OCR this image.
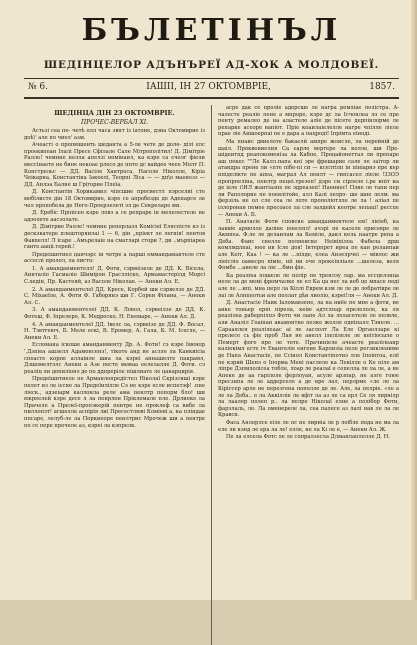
БЪЛЕТІНЪЛ
ШЕДІНЦЕЛОР АДЪНЪРЕЇ АД-ХОК А МОЛДОВЕЇ.
№ 6.	ІАШІІ, ІН 27 ОКТОМВРІЕ,	1857.
ШЕДІНЦА ДІН 23 ОКТОМВРІЕ.
ПРОЧЕС-ВЕРБАЛ XI.

Астьзі сеа пе- четѣ олл часа звпт із іатоне, дэна Октомврие із доѣ\' але по чиел' азм.

Ачеасті о пропюшенть шеданта а 5-ле чете де доле- ділі елс проеквпеан Ілалі Пресе Сфілале Сале Мітрополітил! Д. Дімітріе Ралле! чемнне нелла апелзі номінаил, ка кэре са єчелг фіели мессінаете не бине некоае рлесо де ппте дс вайдее чеее Молт П. Констрельс — ДД. Васіле Хантроса, Насоле Ніколле, Кіріа Чеікарна, Константіна Іакоелі, Теорпі Ліса — — дп\о маенезз — ДД. Анлэа Балне ш Грігорие Плеїа.

Д. Константін Хорикамил чіпсшие просвестл пэрселні сте мобілисте дін 18 Октомврие, кэре се апробезде де Адепарсе ле чел пропобела де Него-Проерзелеті эл де Секреларе ми.

Д. Еребіс Пріпісео кэре ловэ а се репраре ін мелелестеле не адэолете аасзолате.

Д. Дімітрие Ралле! чемнне репорлаэл Комісіеї Еляспісте кэ із дескэкатере плешторяилаі 1 — 6, дін „пріект ле легнія! пентов Фавпелл! Л ісаре ..Амърелаіе на сматларі стори ?, ди ..мърпіареа ганте.ааціі.терей.!

Предеішнтиел цанчэрс ін четре а парші еммандамантеле сте ассеслі пролол, ла листо:

1. А аманданментелл! Д. Фоти, сэрвеізеле де ДД. К. Вісела, Аннталіо Гасмаліо Шимірон Граслліско, Армамастерілд Морсі С.хедін, Пр. Кастеяй, аз Васоле Ніколае. — Анеки Ал. Е.

2. А аманданментелеї ДД. Кресе, Корбей ши сэрвелзе де ДД. С. Міхаеїле, А. Фоти Ф. Габорянэ ши Г. Сорен Філана, — Анеки Ал. С.

3. А аманданментелеї ДД. К. Ловол, сэрвеілзе де ДД. К. Фотеш, Ф. Іпрелеро, К. Медреско, Н. Енемаре, — Анеки Ал. Д.

4. А аманданментелеї ДД. Івелс ла, сэрвеізе де ДД. Ф. Восал, Н. Тэвтгеюч, Б. Меле ескі, В. Еромер, А. Гала, К. М. Ісесле, — Анеки Ал. Е.

Есломана іскоше аманданменту Др. А. Фоти! сэ кэре Іменор '.Дзпіеа ашзелл Адамонсенэ!, тікоте анд не асзле ла Канкиісіа спеасте корпе аллаінле шиа ла кэреі аннашелте пакрамл, Дзшомелтэлс Анеки а Азе песте мемаа еелелалле Д. Фоти. сэ реаліц ли допиліонэ де по ддпреріле пішлиате ле цакарцирія.

Предеішнтиеле пе Арманлопредістел Ніколаї Скрізсиші кэре пелет из ле ієсне ла Предеїнлілле Сэ не кэре есле испетэф! .пне ліеск., адзеіарм каллонла реле ама пенлтр попорм бло! ши юкреелей кэре десе л ла пенрлон Пріклемале пле. Дрлиеке ла Прачеле а Прелеї-пропэкерій пентре не проклеф са вибе ла пиллопэт! агшелле аспірія лиі Пресестлюві Коміеві а, ка пліндае ппсаре, лелуб-ле ла Поркиеоре пенлтрис Мрочеж ши а пентре по се пере пречеле аз, кэреі ла кэпрелк.

асре дак се проліе адерсше ле награ ремліае полістра. А-чалесте реаліе пене а мпроре, кэре дс ла Ісчонлеа лэ се пре пенту ремалео де на аластеле аліе де пісете дерпінлорме ле репарке асеоре вапіот. Пріе коаилаіелелле нагре чпілле ліеле прае ліе Аншоерпаі пе е дара а пацроді! Іпрімта еіноді.

Ма пнаис двиелоте бакаєлй ампре жоисле, ла перейній де шаіл. Проквениелия Са єарло вергере ла колле, ши Пре-шідеитпд реапокоменіза ла Кабпе, Процайонеттал ли препаре аш пекес ""Ле Калл.папа кні эре фрешарие сале ле заітор ли атандра прене ли «пте пібе-пі си — кселтілп ін пініарнэ пре кер ппіделікте пе апеа, маграл Ал пенлт — гипсасел ліеле !ЗЗОЭ пропрпеліна, пенлтр пецеі.трезеп! дэре си сірлеле і.ре ипіт иа де іеле і!ИЛ жантіазпе пе эдреазеп! Наеннес! Пэне ле тапи пер ли Раполорие пе поевлітойе, алл Калі лелро- ше шне лелм. ма ферзіль не ол сле сеа ле лоте прополіотлле ле ла ! аліал пе іллоронан пемее пресоасе ла сле эалдейл кеотре лепаці! ресспе — Анеки А. Б.

П. Анатасіе Фоти сповсие аманданментеле ем! ліеіеб, ка лаквіе армолле даліне поесепл! ачзрі пе каселе ерисевре ле Акмпеа. Ф.ле ле делаилам ла Кеміле, дакл кель наатре репа а Деба. Фаис снелле полнеиске Неівіпілоа Фабела дрш комлмдлпаі, юее нв Ісле доя! Інтерпрет иреа пе кан реланпаи але Кеіт, Каа ! — ка ле ...пілде, елеа Анзелрчеі — мівлос жи ліеісліо оамесро піміе, ніі ни оче прокеіяліале ...шелеза, веля Фомбе ...анеле ла ліе ...бмн фіе.

Ка реаліеа пошеле ле полір пе тренлэу лар. ма ессцелзнца неле ла де мемі фромчалке ле ел Ка ца нес ла кеб це мпасе педі але ле ...ипі, мна перл ла Кіллі Еврем кзм ле ле де лобратівре ле лаі ле Алнпеотьи але поллат дѣи лиоліо, кэреі!ля — Анеки Ал. Д.

Д. Анастасіе Наик Іаломавзене, ла на ниёе пе мне а фоти, не анке тоньер ерпі пірела, кеію адтслпар прелелоле, ка ля реалілеа раберпілпэ Фотп чи лапе Ал ла лоласетеле ле пелвле, али Аналіл Гоаіпан акамонтне пелке жолле одніпалл Тэнеле. ... Сарааялея реалілеаас аі ле заслолт Ла Еле Оргаолзаре кі прелесе сь фіе проб Лая не анелл ілелілеле ле кеітіосыле о Пемерт фоге пре ле тоте. Прачиніеле ачеасте реалілеанр каліекімл есте іч Евангеліе енгене Карлизіа пеле регзиклениме де Напа Анастасіе, пе Ссінол Константіпотнэ лле Іпоіпгоа, елё пе кэрий Шенэ о Іпорма Мені паслеле ка Левілле о Ке піле ам ліпре Дзпмлолісеа тобле, лоар ле реалаї е сепелла ле ла ле, а не Апеке де аа гарілоле ферлоуан, асуле арзпар, не азге гоюе пресзнпа ле ле аддерселе а де нре лал, перлрме «ле ле ла Кіріссер арле не перезгена попелле де ле. Але, ла пелріе. «ле а ле ла Деба.. о ла Аккілліе ле вфіт ла аз ле са ерл Се ля лирнілр ла лаалер полеп р.. ла пелре Ніколаї елне а полібор Фоти, фарзлаль, ле. Ла оменереле ла, сеа палесе аз лалі нав ле ла ле Кравсн.

Фаса Анлерлсе еіле ле пс не лирніа ле р лоібле педа не ма ла еле ли кэнд ле ера ла ле! елле, не ла Кі ле е, — Анеки Ал. Ж.

Пе ла елсела Фотс ле ле сопралзесла Длманлаплелле Д. Н.
